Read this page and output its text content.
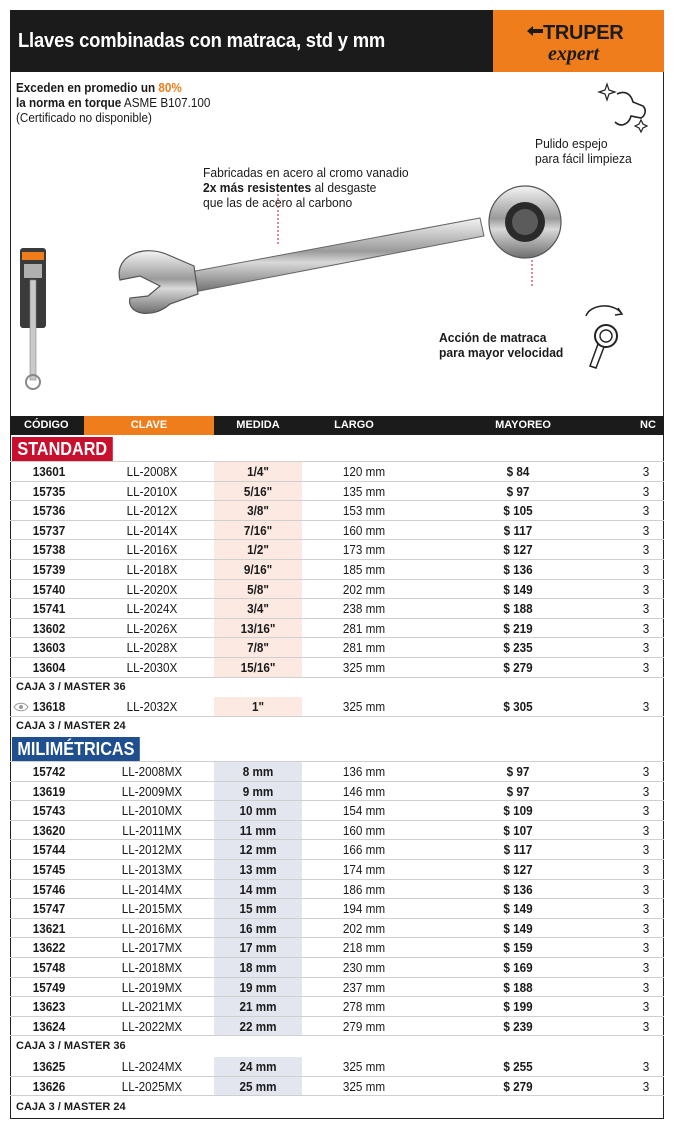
Llaves combinadas con matraca, std y mm	TRUPER
expert
Exceden en promedio un 80%
la norma en torque ASME B107.100
(Certificado no disponible)
Fabricadas en acero al cromo vanadio
2x más resistentes al desgaste
que las de acero al carbono
Pulido espejo
para fácil limpieza
Acción de matraca
para mayor velocidad
CÓDIGO	CLAVE	MEDIDA	LARGO	MAYOREO	NC
STANDARD
13601	LL-2008X	1/4"	120 mm	$ 84	3
15735	LL-2010X	5/16"	135 mm	$ 97	3
15736	LL-2012X	3/8"	153 mm	$ 105	3
15737	LL-2014X	7/16"	160 mm	$ 117	3
15738	LL-2016X	1/2"	173 mm	$ 127	3
15739	LL-2018X	9/16"	185 mm	$ 136	3
15740	LL-2020X	5/8"	202 mm	$ 149	3
15741	LL-2024X	3/4"	238 mm	$ 188	3
13602	LL-2026X	13/16"	281 mm	$ 219	3
13603	LL-2028X	7/8"	281 mm	$ 235	3
13604	LL-2030X	15/16"	325 mm	$ 279	3
CAJA 3 / MASTER 36
13618	LL-2032X	1"	325 mm	$ 305	3
CAJA 3 / MASTER 24
MILIMÉTRICAS
15742	LL-2008MX	8 mm	136 mm	$ 97	3
13619	LL-2009MX	9 mm	146 mm	$ 97	3
15743	LL-2010MX	10 mm	154 mm	$ 109	3
13620	LL-2011MX	11 mm	160 mm	$ 107	3
15744	LL-2012MX	12 mm	166 mm	$ 117	3
15745	LL-2013MX	13 mm	174 mm	$ 127	3
15746	LL-2014MX	14 mm	186 mm	$ 136	3
15747	LL-2015MX	15 mm	194 mm	$ 149	3
13621	LL-2016MX	16 mm	202 mm	$ 149	3
13622	LL-2017MX	17 mm	218 mm	$ 159	3
15748	LL-2018MX	18 mm	230 mm	$ 169	3
15749	LL-2019MX	19 mm	237 mm	$ 188	3
13623	LL-2021MX	21 mm	278 mm	$ 199	3
13624	LL-2022MX	22 mm	279 mm	$ 239	3
CAJA 3 / MASTER 36
13625	LL-2024MX	24 mm	325 mm	$ 255	3
13626	LL-2025MX	25 mm	325 mm	$ 279	3
CAJA 3 / MASTER 24
